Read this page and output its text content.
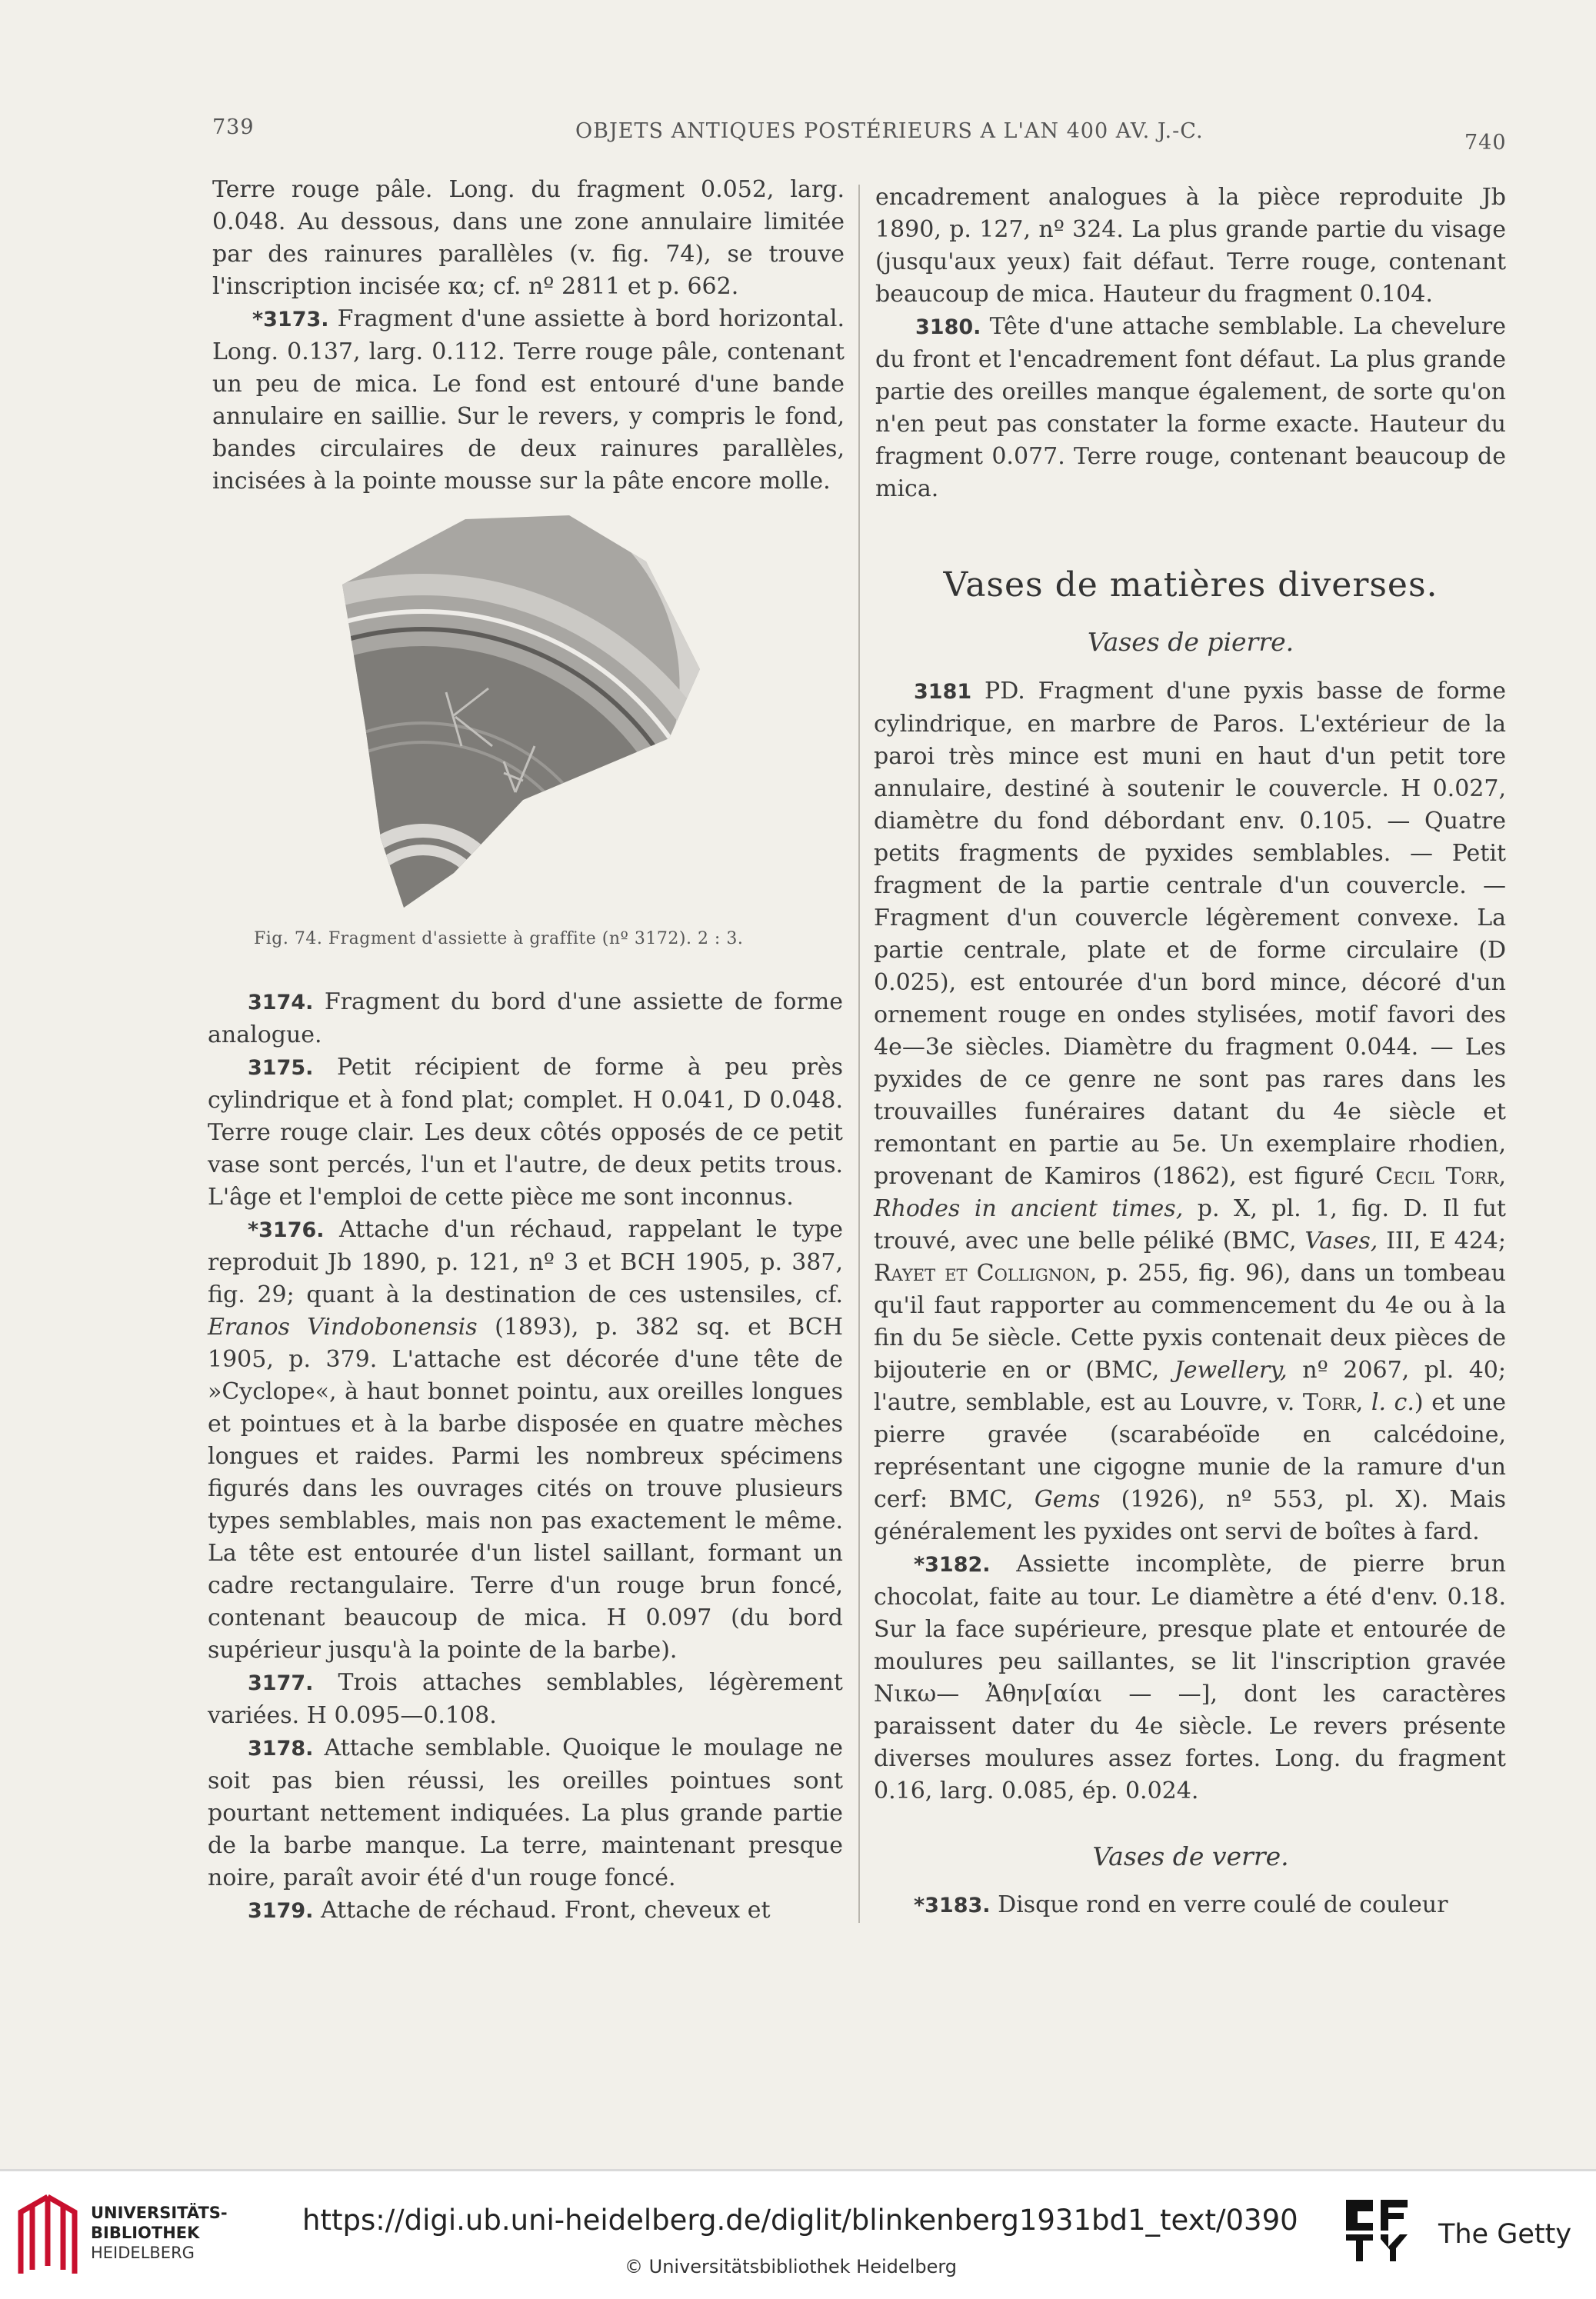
739	OBJETS ANTIQUES POSTÉRIEURS A L'AN 400 AV. J.-C.	740

Terre rouge pâle. Long. du fragment 0.052, larg. 0.048. Au dessous, dans une zone annulaire limitée par des rainures parallèles (v. fig. 74), se trouve l'inscription incisée κα; cf. nº 2811 et p. 662.

*3173. Fragment d'une assiette à bord horizontal. Long. 0.137, larg. 0.112. Terre rouge pâle, contenant un peu de mica. Le fond est entouré d'une bande annulaire en saillie. Sur le revers, y compris le fond, bandes circulaires de deux rainures parallèles, incisées à la pointe mousse sur la pâte encore molle.

Fig. 74. Fragment d'assiette à graffite (nº 3172). 2 : 3.

3174. Fragment du bord d'une assiette de forme analogue.

3175. Petit récipient de forme à peu près cylindrique et à fond plat; complet. H 0.041, D 0.048. Terre rouge clair. Les deux côtés opposés de ce petit vase sont percés, l'un et l'autre, de deux petits trous. L'âge et l'emploi de cette pièce me sont inconnus.

*3176. Attache d'un réchaud, rappelant le type reproduit Jb 1890, p. 121, nº 3 et BCH 1905, p. 387, fig. 29; quant à la destination de ces ustensiles, cf. Eranos Vindobonensis (1893), p. 382 sq. et BCH 1905, p. 379. L'attache est décorée d'une tête de »Cyclope«, à haut bonnet pointu, aux oreilles longues et pointues et à la barbe disposée en quatre mèches longues et raides. Parmi les nombreux spécimens figurés dans les ouvrages cités on trouve plusieurs types semblables, mais non pas exactement le même. La tête est entourée d'un listel saillant, formant un cadre rectangulaire. Terre d'un rouge brun foncé, contenant beaucoup de mica. H 0.097 (du bord supérieur jusqu'à la pointe de la barbe).

3177. Trois attaches semblables, légèrement variées. H 0.095—0.108.

3178. Attache semblable. Quoique le moulage ne soit pas bien réussi, les oreilles pointues sont pourtant nettement indiquées. La plus grande partie de la barbe manque. La terre, maintenant presque noire, paraît avoir été d'un rouge foncé.

3179. Attache de réchaud. Front, cheveux et

encadrement analogues à la pièce reproduite Jb 1890, p. 127, nº 324. La plus grande partie du visage (jusqu'aux yeux) fait défaut. Terre rouge, contenant beaucoup de mica. Hauteur du fragment 0.104.

3180. Tête d'une attache semblable. La chevelure du front et l'encadrement font défaut. La plus grande partie des oreilles manque également, de sorte qu'on n'en peut pas constater la forme exacte. Hauteur du fragment 0.077. Terre rouge, contenant beaucoup de mica.

Vases de matières diverses.
Vases de pierre.

3181 PD. Fragment d'une pyxis basse de forme cylindrique, en marbre de Paros. L'extérieur de la paroi très mince est muni en haut d'un petit tore annulaire, destiné à soutenir le couvercle. H 0.027, diamètre du fond débordant env. 0.105. — Quatre petits fragments de pyxides semblables. — Petit fragment de la partie centrale d'un couvercle. — Fragment d'un couvercle légèrement convexe. La partie centrale, plate et de forme circulaire (D 0.025), est entourée d'un bord mince, décoré d'un ornement rouge en ondes stylisées, motif favori des 4e—3e siècles. Diamètre du fragment 0.044. — Les pyxides de ce genre ne sont pas rares dans les trouvailles funéraires datant du 4e siècle et remontant en partie au 5e. Un exemplaire rhodien, provenant de Kamiros (1862), est figuré Cecil Torr, Rhodes in ancient times, p. X, pl. 1, fig. D. Il fut trouvé, avec une belle péliké (BMC, Vases, III, E 424; Rayet et Collignon, p. 255, fig. 96), dans un tombeau qu'il faut rapporter au commencement du 4e ou à la fin du 5e siècle. Cette pyxis contenait deux pièces de bijouterie en or (BMC, Jewellery, nº 2067, pl. 40; l'autre, semblable, est au Louvre, v. Torr, l. c.) et une pierre gravée (scarabéoïde en calcédoine, représentant une cigogne munie de la ramure d'un cerf: BMC, Gems (1926), nº 553, pl. X). Mais généralement les pyxides ont servi de boîtes à fard.

*3182. Assiette incomplète, de pierre brun chocolat, faite au tour. Le diamètre a été d'env. 0.18. Sur la face supérieure, presque plate et entourée de moulures peu saillantes, se lit l'inscription gravée Νικω— Ἀθην[αίαι — —], dont les caractères paraissent dater du 4e siècle. Le revers présente diverses moulures assez fortes. Long. du fragment 0.16, larg. 0.085, ép. 0.024.

Vases de verre.

*3183. Disque rond en verre coulé de couleur

UNIVERSITÄTS-
BIBLIOTHEK
HEIDELBERG
https://digi.ub.uni-heidelberg.de/diglit/blinkenberg1931bd1_text/0390
© Universitätsbibliothek Heidelberg
The Getty
